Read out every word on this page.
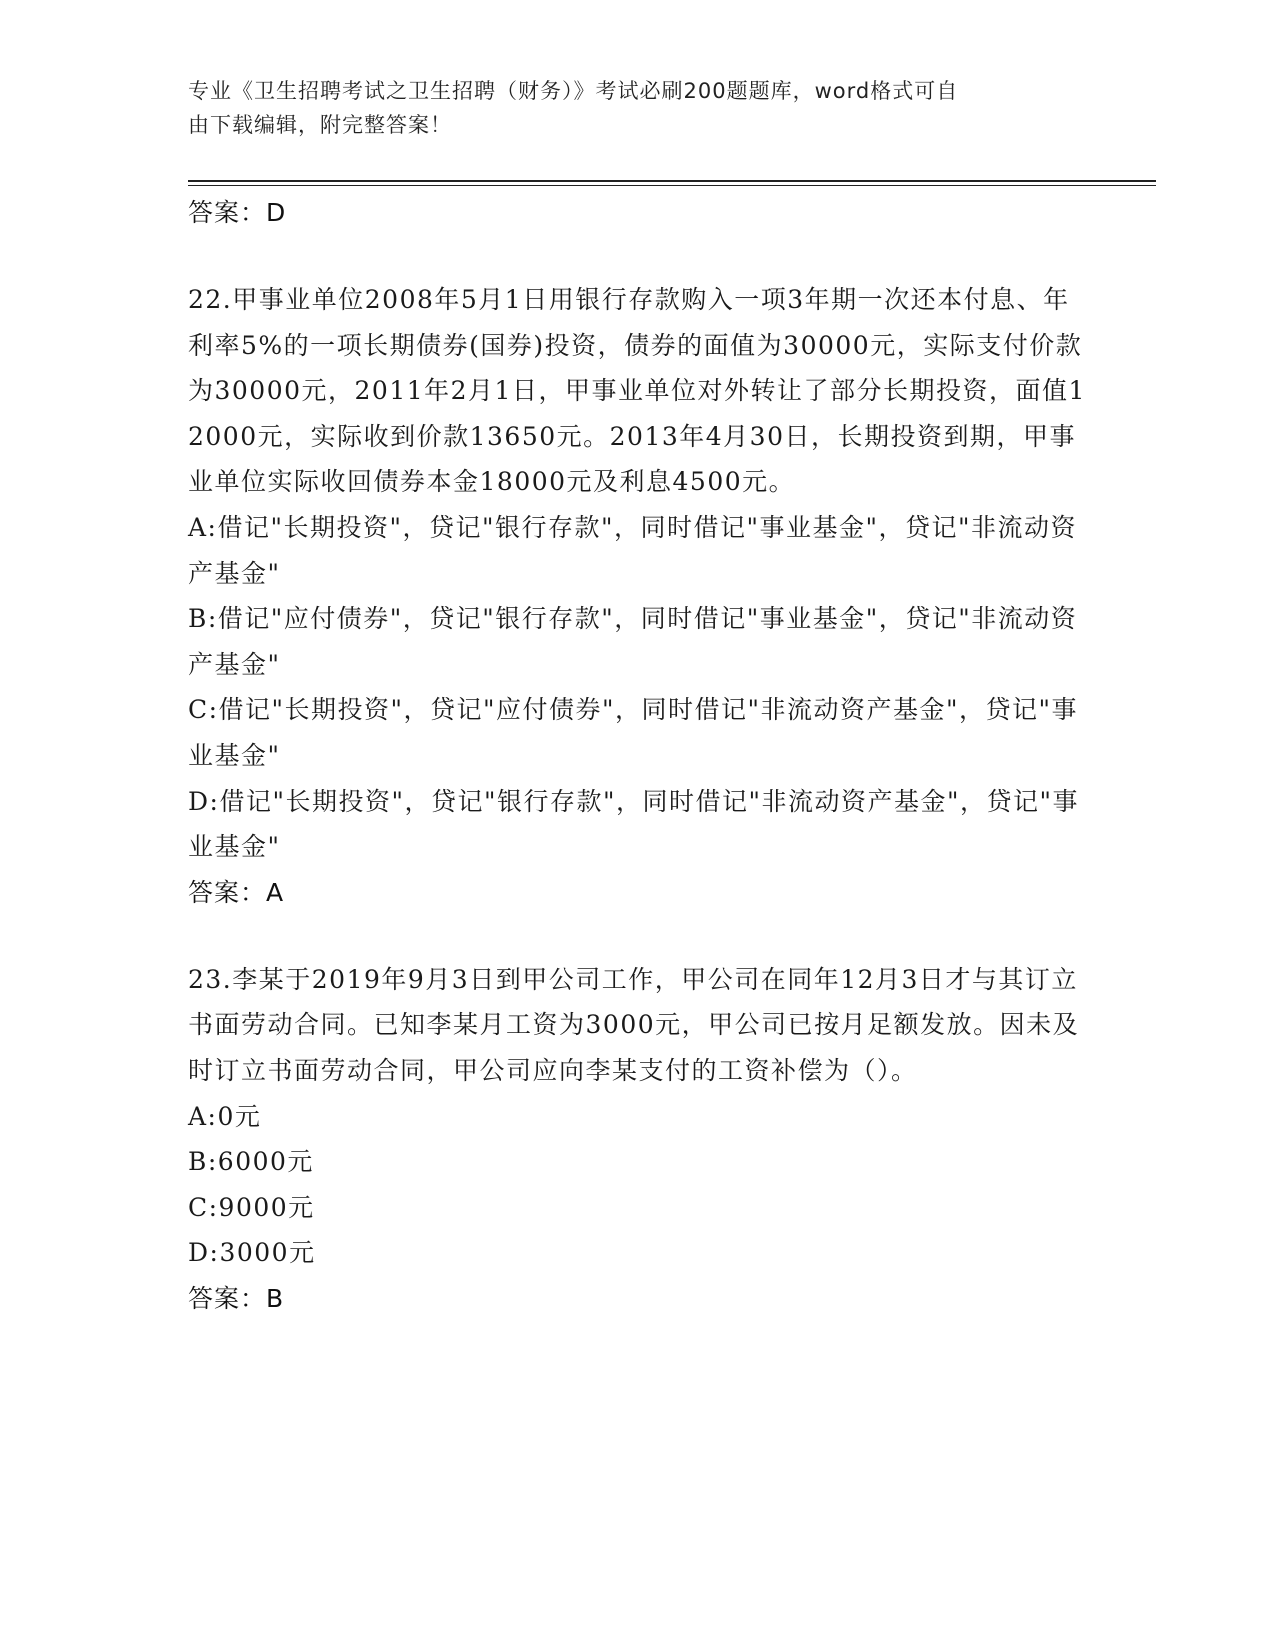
专业《卫生招聘考试之卫生招聘（财务）》考试必刷200题题库，word格式可自
由下载编辑，附完整答案！
答案：D
22.甲事业单位2008年5月1日用银行存款购入一项3年期一次还本付息、年利率5%的一项长期债券(国券)投资，债券的面值为30000元，实际支付价款为30000元，2011年2月1日，甲事业单位对外转让了部分长期投资，面值12000元，实际收到价款13650元。2013年4月30日，长期投资到期，甲事业单位实际收回债券本金18000元及利息4500元。
A:借记"长期投资"，贷记"银行存款"，同时借记"事业基金"，贷记"非流动资产基金"
B:借记"应付债券"，贷记"银行存款"，同时借记"事业基金"，贷记"非流动资产基金"
C:借记"长期投资"，贷记"应付债券"，同时借记"非流动资产基金"，贷记"事业基金"
D:借记"长期投资"，贷记"银行存款"，同时借记"非流动资产基金"，贷记"事业基金"
答案：A
23.李某于2019年9月3日到甲公司工作，甲公司在同年12月3日才与其订立书面劳动合同。已知李某月工资为3000元，甲公司已按月足额发放。因未及时订立书面劳动合同，甲公司应向李某支付的工资补偿为（）。
A:0元
B:6000元
C:9000元
D:3000元
答案：B
